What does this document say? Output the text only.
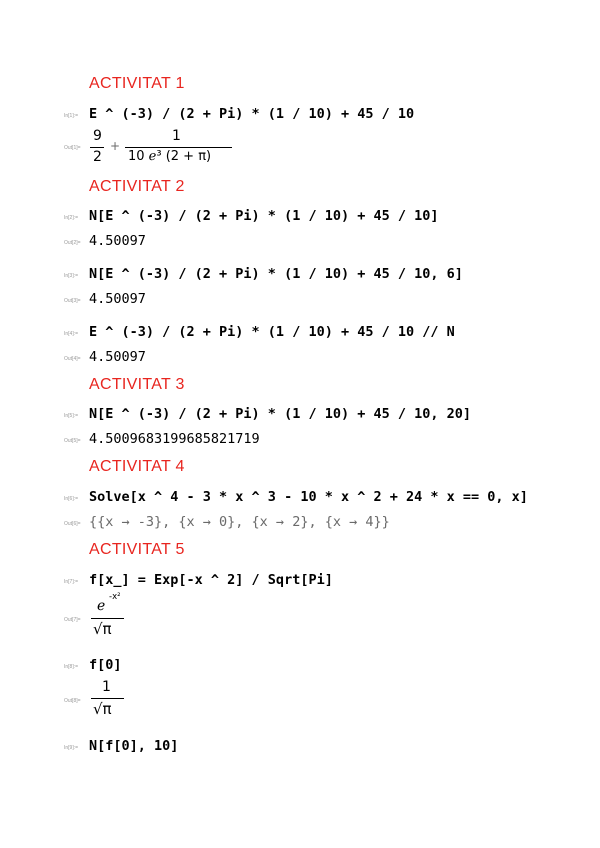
ACTIVITAT 1
In[1]:= E ^ (-3) / (2 + Pi) * (1 / 10) + 45 / 10
Out[1]=
9
2
+
1
10 ℯ³ (2 + π)
ACTIVITAT 2
In[2]:= N[E ^ (-3) / (2 + Pi) * (1 / 10) + 45 / 10]
Out[2]= 4.50097
In[3]:= N[E ^ (-3) / (2 + Pi) * (1 / 10) + 45 / 10, 6]
Out[3]= 4.50097
In[4]:= E ^ (-3) / (2 + Pi) * (1 / 10) + 45 / 10 // N
Out[4]= 4.50097
ACTIVITAT 3
In[5]:= N[E ^ (-3) / (2 + Pi) * (1 / 10) + 45 / 10, 20]
Out[5]= 4.5009683199685821719
ACTIVITAT 4
In[6]:= Solve[x ^ 4 - 3 * x ^ 3 - 10 * x ^ 2 + 24 * x == 0, x]
Out[6]= {{x → -3}, {x → 0}, {x → 2}, {x → 4}}
ACTIVITAT 5
In[7]:= f[x_] = Exp[-x ^ 2] / Sqrt[Pi]
Out[7]=
ℯ
-x²
√π
In[8]:= f[0]
Out[8]=
1
√π
In[9]:= N[f[0], 10]
